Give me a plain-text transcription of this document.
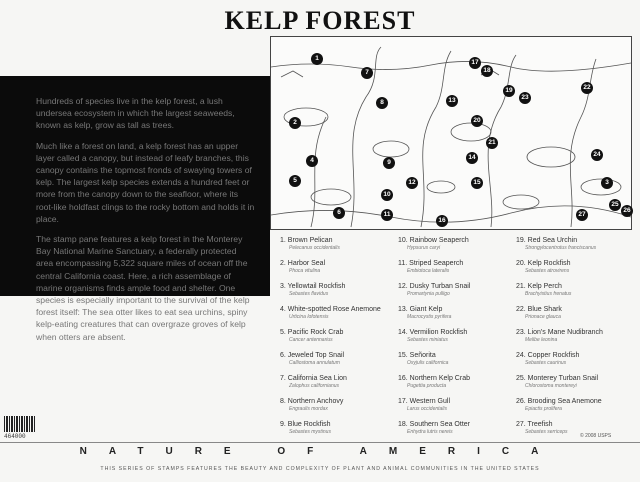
KELP FOREST

Hundreds of species live in the kelp forest, a lush undersea ecosystem in which the largest seaweeds, known as kelp, grow as tall as trees.

Much like a forest on land, a kelp forest has an upper layer called a canopy, but instead of leafy branches, this canopy contains the topmost fronds of swaying towers of kelp. The largest kelp species extends a hundred feet or more from the canopy down to the seafloor, where its root-like holdfast clings to the rocky bottom and holds it in place.

The stamp pane features a kelp forest in the Monterey Bay National Marine Sanctuary, a federally protected area encompassing 5,322 square miles of ocean off the central California coast. Here, a rich assemblage of marine organisms finds ample food and shelter. One species is especially important to the survival of the kelp forest itself: The sea otter likes to eat sea urchins, spiny kelp-eating creatures that can overgraze groves of kelp when otters are absent.

1
2
3
4
5
6
7
8
9
10
11
12
13
14
15
16
17
18
19
20
21
22
23
24
25
26
27
1. Brown Pelican
Pelecanus occidentalis
2. Harbor Seal
Phoca vitulina
3. Yellowtail Rockfish
Sebastes flavidus
4. White-spotted Rose Anemone
Urticina lofotensis
5. Pacific Rock Crab
Cancer antennarius
6. Jeweled Top Snail
Calliostoma annulatum
7. California Sea Lion
Zalophus californianus
8. Northern Anchovy
Engraulis mordax
9. Blue Rockfish
Sebastes mystinus
10. Rainbow Seaperch
Hypsurus caryi
11. Striped Seaperch
Embiotoca lateralis
12. Dusky Turban Snail
Promartynia pulligo
13. Giant Kelp
Macrocystis pyrifera
14. Vermilion Rockfish
Sebastes miniatus
15. Señorita
Oxyjulis californica
16. Northern Kelp Crab
Pugettia producta
17. Western Gull
Larus occidentalis
18. Southern Sea Otter
Enhydra lutris nereis
19. Red Sea Urchin
Strongylocentrotus franciscanus
20. Kelp Rockfish
Sebastes atrovirens
21. Kelp Perch
Brachyistius frenatus
22. Blue Shark
Prionace glauca
23. Lion's Mane Nudibranch
Melibe leonina
24. Copper Rockfish
Sebastes caurinus
25. Monterey Turban Snail
Chlorostoma montereyi
26. Brooding Sea Anemone
Epiactis prolifera
27. Treefish
Sebastes serriceps
464000	© 2008 USPS
NATURE OF AMERICA
THIS SERIES OF STAMPS FEATURES THE BEAUTY AND COMPLEXITY OF PLANT AND ANIMAL COMMUNITIES IN THE UNITED STATES
